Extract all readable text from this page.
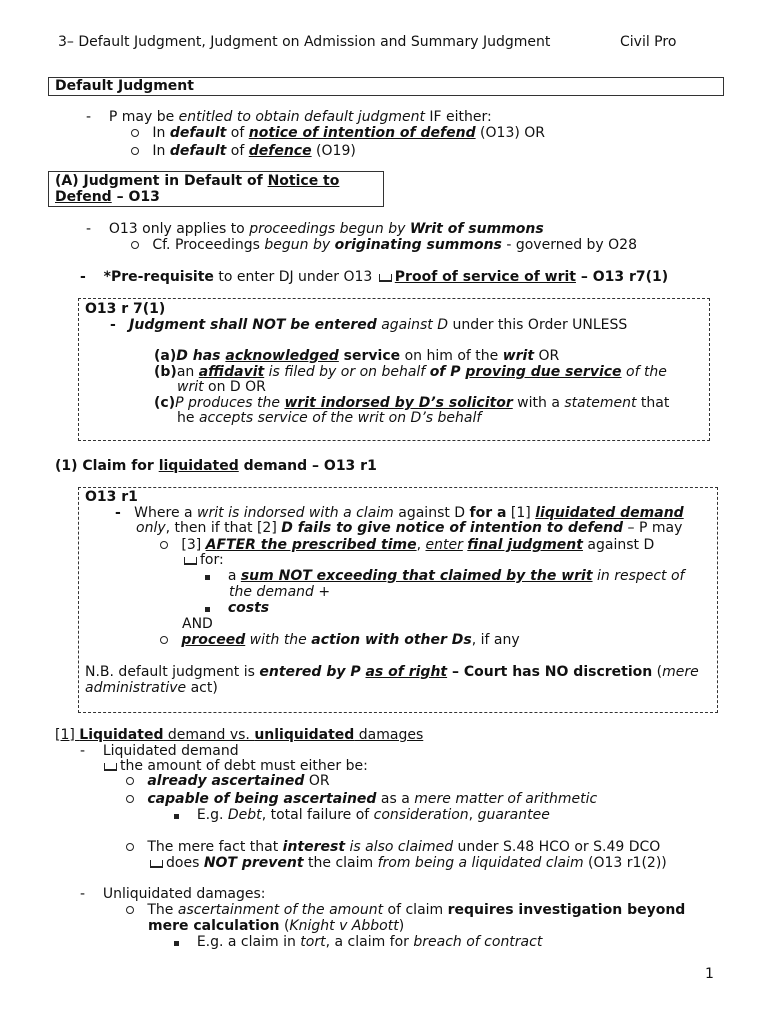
3– Default Judgment, Judgment on Admission and Summary Judgment	Civil Pro
Default Judgment
-    P may be entitled to obtain default judgment IF either:
In default of notice of intention of defend (O13) OR
In default of defence (O19)
(A) Judgment in Default of Notice to
Defend – O13
-    O13 only applies to proceedings begun by Writ of summons
Cf. Proceedings begun by originating summons - governed by O28
- *Pre-requisite to enter DJ under O13 Proof of service of writ – O13 r7(1)
O13 r 7(1)
- Judgment shall NOT be entered against D under this Order UNLESS
(a)D has acknowledged service on him of the writ OR
(b)an affidavit is filed by or on behalf of P proving due service of the
writ on D OR
(c)P produces the writ indorsed by D’s solicitor with a statement that
he accepts service of the writ on D’s behalf
(1) Claim for liquidated demand – O13 r1
O13 r1
- Where a writ is indorsed with a claim against D for a [1] liquidated demand
only, then if that [2] D fails to give notice of intention to defend – P may
[3] AFTER the prescribed time, enter final judgment against D
for:
a sum NOT exceeding that claimed by the writ in respect of
the demand +
costs
AND
proceed with the action with other Ds, if any
N.B. default judgment is entered by P as of right – Court has NO discretion (mere
administrative act)
[1] Liquidated demand vs. unliquidated damages
-    Liquidated demand
the amount of debt must either be:
already ascertained OR
capable of being ascertained as a mere matter of arithmetic
E.g. Debt, total failure of consideration, guarantee
The mere fact that interest is also claimed under S.48 HCO or S.49 DCO
does NOT prevent the claim from being a liquidated claim (O13 r1(2))
-    Unliquidated damages:
The ascertainment of the amount of claim requires investigation beyond
mere calculation (Knight v Abbott)
E.g. a claim in tort, a claim for breach of contract
1
